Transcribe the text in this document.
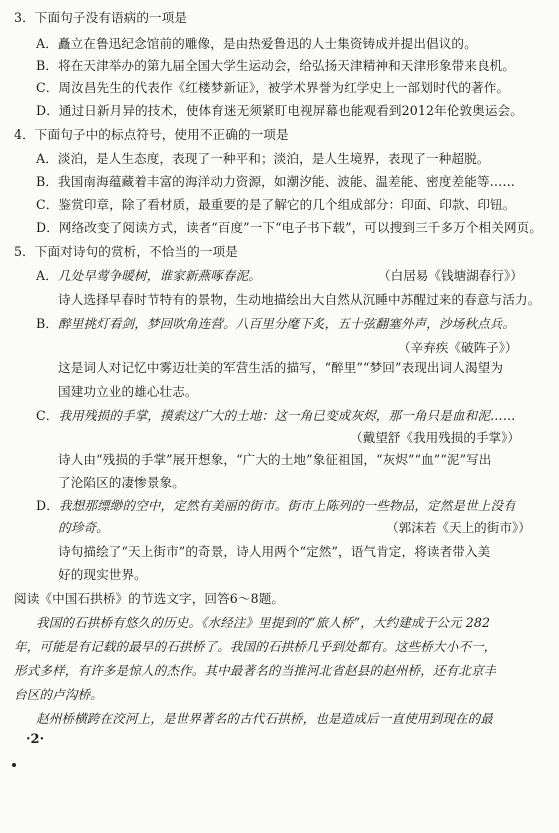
3．下面句子没有语病的一项是
A．矗立在鲁迅纪念馆前的雕像，是由热爱鲁迅的人士集资铸成并提出倡议的。
B．将在天津举办的第九届全国大学生运动会，给弘扬天津精神和天津形象带来良机。
C．周汝昌先生的代表作《红楼梦新证》，被学术界誉为红学史上一部划时代的著作。
D．通过日新月异的技术，使体育迷无须紧盯电视屏幕也能观看到2012年伦敦奥运会。
4．下面句子中的标点符号，使用不正确的一项是
A．淡泊，是人生态度，表现了一种平和；淡泊，是人生境界，表现了一种超脱。
B．我国南海蕴藏着丰富的海洋动力资源，如潮汐能、波能、温差能、密度差能等……
C．鉴赏印章，除了看材质，最重要的是了解它的几个组成部分：印面、印款、印钮。
D．网络改变了阅读方式，读者“百度”一下“电子书下载”，可以搜到三千多万个相关网页。
5．下面对诗句的赏析，不恰当的一项是
A．几处早莺争暖树，谁家新燕啄春泥。	（白居易《钱塘湖春行》）
诗人选择早春时节特有的景物，生动地描绘出大自然从沉睡中苏醒过来的春意与活力。
B．醉里挑灯看剑，梦回吹角连营。八百里分麾下炙，五十弦翻塞外声，沙场秋点兵。
（辛弃疾《破阵子》）
这是词人对记忆中雾迈壮美的军营生活的描写，“醉里”“梦回”表现出词人渴望为
国建功立业的雄心壮志。
C．我用残损的手掌，摸索这广大的土地：这一角已变成灰烬，那一角只是血和泥……
（戴望舒《我用残损的手掌》）
诗人由“残损的手掌”展开想象，“广大的土地”象征祖国，“灰烬”“血”“泥”写出
了沦陷区的凄惨景象。
D．我想那缥缈的空中，定然有美丽的街市。街市上陈列的一些物品，定然是世上没有
的珍奇。	（郭沫若《天上的街市》）
诗句描绘了“天上街市”的奇景，诗人用两个“定然”，语气肯定，将读者带入美
好的现实世界。
阅读《中国石拱桥》的节选文字，回答6～8题。
我国的石拱桥有悠久的历史。《水经注》里提到的“旅人桥”，大约建成于公元 282
年，可能是有记载的最早的石拱桥了。我国的石拱桥几乎到处都有。这些桥大小不一，
形式多样，有许多是惊人的杰作。其中最著名的当推河北省赵县的赵州桥，还有北京丰
台区的卢沟桥。
赵州桥横跨在洨河上，是世界著名的古代石拱桥，也是造成后一直使用到现在的最
·2·
